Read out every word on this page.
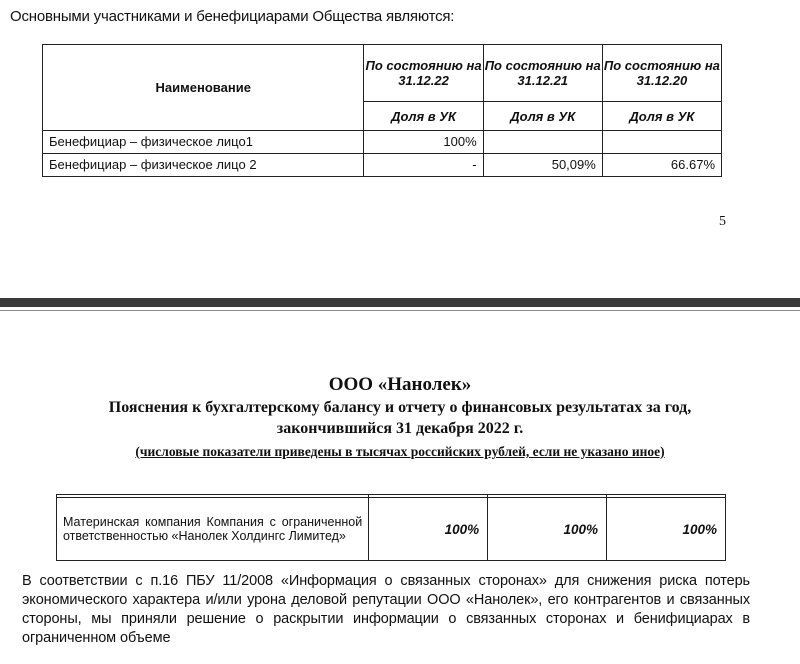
Основными участниками и бенефициарами Общества являются:
Наименование	По состоянию на 31.12.22	По состоянию на 31.12.21	По состоянию на 31.12.20
	Доля в УК	Доля в УК	Доля в УК
Бенефициар – физическое лицо1	100%		
Бенефициар – физическое лицо 2	-	50,09%	66.67%
5
ООО «Нанолек»
Пояснения к бухгалтерскому балансу и отчету о финансовых результатах за год,
закончившийся 31 декабря 2022 г.
(числовые показатели приведены в тысячах российских рублей, если не указано иное)

Материнская компания Компания с ограниченной ответственностью «Нанолек Холдингс Лимитед»	100%	100%	100%
В соответствии с п.16 ПБУ 11/2008 «Информация о связанных сторонах» для снижения риска потерь экономического характера и/или урона деловой репутации ООО «Нанолек», его контрагентов и связанных стороны, мы приняли решение о раскрытии информации о связанных сторонах и бенифициарах в ограниченном объеме
